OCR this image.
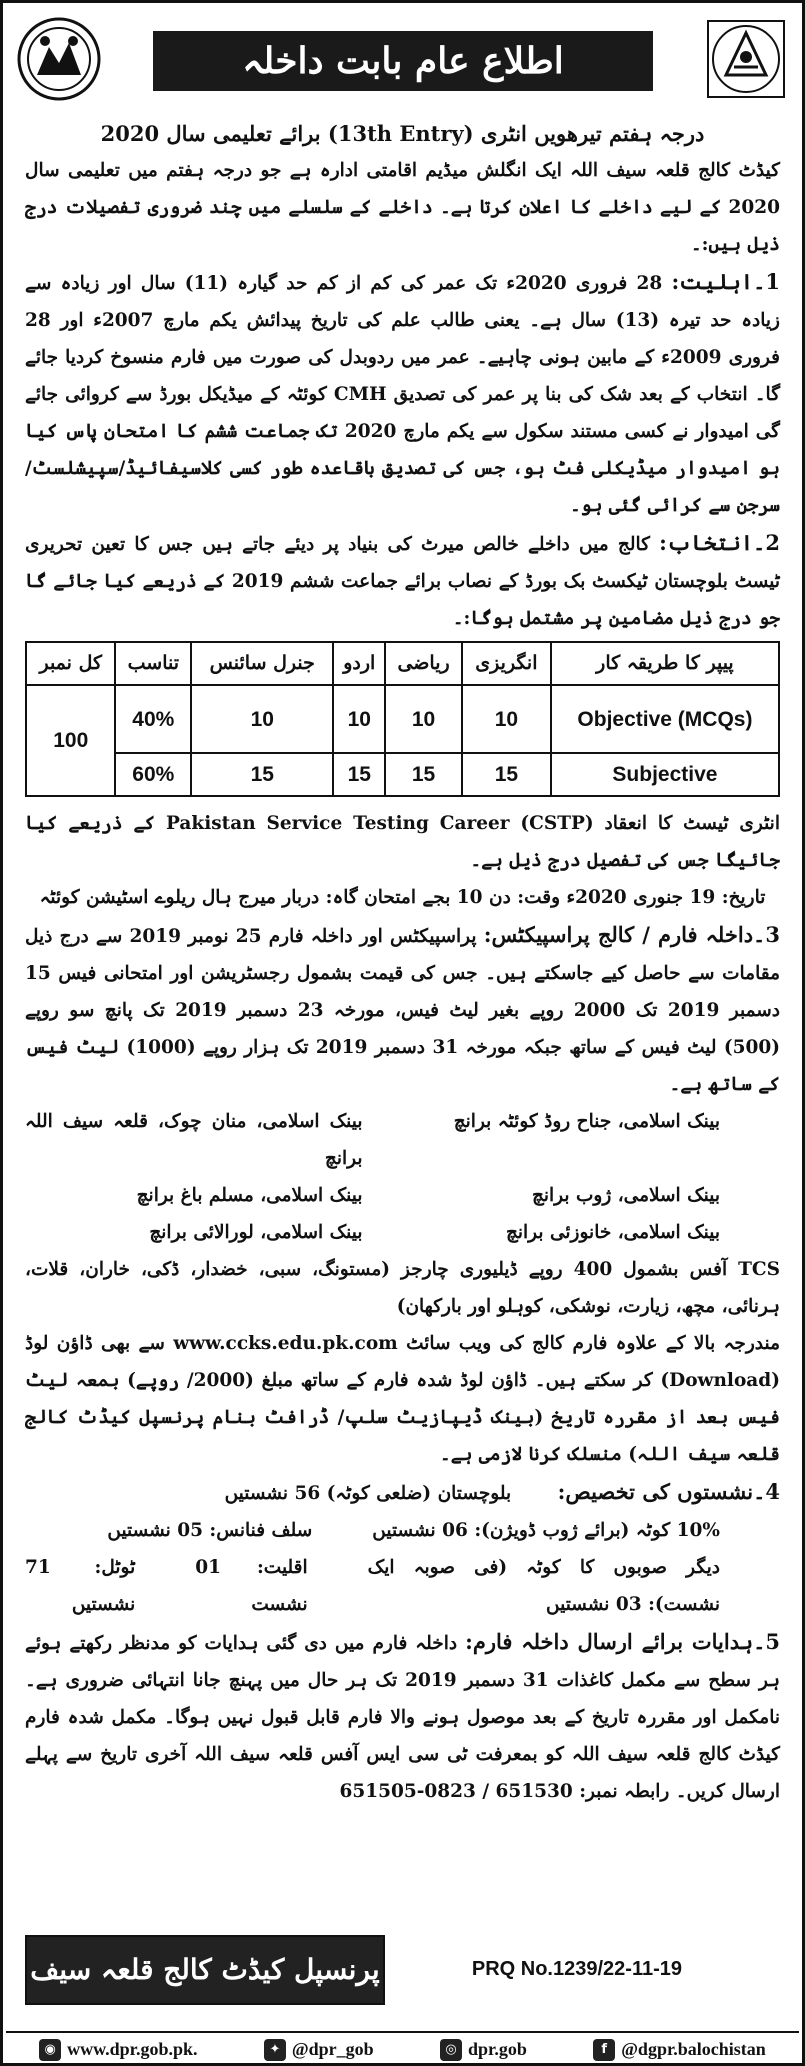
اطلاع عام بابت داخلہ

درجہ ہفتم تیرھویں انٹری (13th Entry) برائے تعلیمی سال 2020

کیڈٹ کالج قلعہ سیف اللہ ایک انگلش میڈیم اقامتی ادارہ ہے جو درجہ ہفتم میں تعلیمی سال 2020 کے لیے داخلے کا اعلان کرتا ہے۔ داخلے کے سلسلے میں چند ضروری تفصیلات درج ذیل ہیں:۔

1۔اہلیت: 28 فروری 2020ء تک عمر کی کم از کم حد گیارہ (11) سال اور زیادہ سے زیادہ حد تیرہ (13) سال ہے۔ یعنی طالب علم کی تاریخ پیدائش یکم مارچ 2007ء اور 28 فروری 2009ء کے مابین ہونی چاہیے۔ عمر میں ردوبدل کی صورت میں فارم منسوخ کردیا جائے گا۔ انتخاب کے بعد شک کی بنا پر عمر کی تصدیق CMH کوئٹہ کے میڈیکل بورڈ سے کروائی جائے گی امیدوار نے کسی مستند سکول سے یکم مارچ 2020 تک جماعت ششم کا امتحان پاس کیا ہو امیدوار میڈیکلی فٹ ہو، جس کی تصدیق باقاعدہ طور کسی کلاسیفائیڈ/سپیشلسٹ/سرجن سے کرائی گئی ہو۔

2۔انتخاب: کالج میں داخلے خالص میرٹ کی بنیاد پر دیئے جاتے ہیں جس کا تعین تحریری ٹیسٹ بلوچستان ٹیکسٹ بک بورڈ کے نصاب برائے جماعت ششم 2019 کے ذریعے کیا جائے گا جو درج ذیل مضامین پر مشتمل ہوگا:۔

پیپر کا طریقہ کار	انگریزی	ریاضی	اردو	جنرل سائنس	تناسب	کل نمبر
Objective (MCQs)	10	10	10	10	40%	100
Subjective	15	15	15	15	60%	

انٹری ٹیسٹ کا انعقاد Pakistan Service Testing Career (CSTP) کے ذریعے کیا جائیگا جس کی تفصیل درج ذیل ہے۔

تاریخ: 19 جنوری 2020ء وقت: دن 10 بجے امتحان گاہ: دربار میرج ہال ریلوے اسٹیشن کوئٹہ

3۔داخلہ فارم / کالج پراسپیکٹس: پراسپیکٹس اور داخلہ فارم 25 نومبر 2019 سے درج ذیل مقامات سے حاصل کیے جاسکتے ہیں۔ جس کی قیمت بشمول رجسٹریشن اور امتحانی فیس 15 دسمبر 2019 تک 2000 روپے بغیر لیٹ فیس، مورخہ 23 دسمبر 2019 تک پانچ سو روپے (500) لیٹ فیس کے ساتھ جبکہ مورخہ 31 دسمبر 2019 تک ہزار روپے (1000) لیٹ فیس کے ساتھ ہے۔

بینک اسلامی، جناح روڈ کوئٹہ برانچ
بینک اسلامی، منان چوک، قلعہ سیف اللہ برانچ
بینک اسلامی، ژوب برانچ
بینک اسلامی، مسلم باغ برانچ
بینک اسلامی، خانوزئی برانچ
بینک اسلامی، لورالائی برانچ

TCS آفس بشمول 400 روپے ڈیلیوری چارجز (مستونگ، سبی، خضدار، ڈکی، خاران، قلات، ہرنائی، مچھ، زیارت، نوشکی، کوہلو اور بارکھان)

مندرجہ بالا کے علاوہ فارم کالج کی ویب سائٹ www.ccks.edu.pk.com سے بھی ڈاؤن لوڈ (Download) کر سکتے ہیں۔ ڈاؤن لوڈ شدہ فارم کے ساتھ مبلغ (2000/ روپے) بمعہ لیٹ فیس بعد از مقررہ تاریخ (بینک ڈیپازیٹ سلپ/ ڈرافٹ بنام پرنسپل کیڈٹ کالج قلعہ سیف اللہ) منسلک کرنا لازمی ہے۔

4۔نشستوں کی تخصیص: بلوچستان (ضلعی کوٹہ) 56 نشستیں

10% کوٹہ (برائے ژوب ڈویژن): 06 نشستیں
سلف فنانس: 05 نشستیں
دیگر صوبوں کا کوٹہ (فی صوبہ ایک نشست): 03 نشستیں
اقلیت: 01 نشست
ٹوٹل: 71 نشستیں

5۔ہدایات برائے ارسال داخلہ فارم: داخلہ فارم میں دی گئی ہدایات کو مدنظر رکھتے ہوئے ہر سطح سے مکمل کاغذات 31 دسمبر 2019 تک ہر حال میں پہنچ جانا انتہائی ضروری ہے۔ نامکمل اور مقررہ تاریخ کے بعد موصول ہونے والا فارم قابل قبول نہیں ہوگا۔ مکمل شدہ فارم کیڈٹ کالج قلعہ سیف اللہ کو بمعرفت ٹی سی ایس آفس قلعہ سیف اللہ آخری تاریخ سے پہلے ارسال کریں۔ رابطہ نمبر: 651530 / 0823-651505

پرنسپل کیڈٹ کالج قلعہ سیف اللہ
PRQ No.1239/22-11-19
◉ www.dpr.gob.pk.	✦ @dpr_gob	◎ dpr.gob	f @dgpr.balochistan
